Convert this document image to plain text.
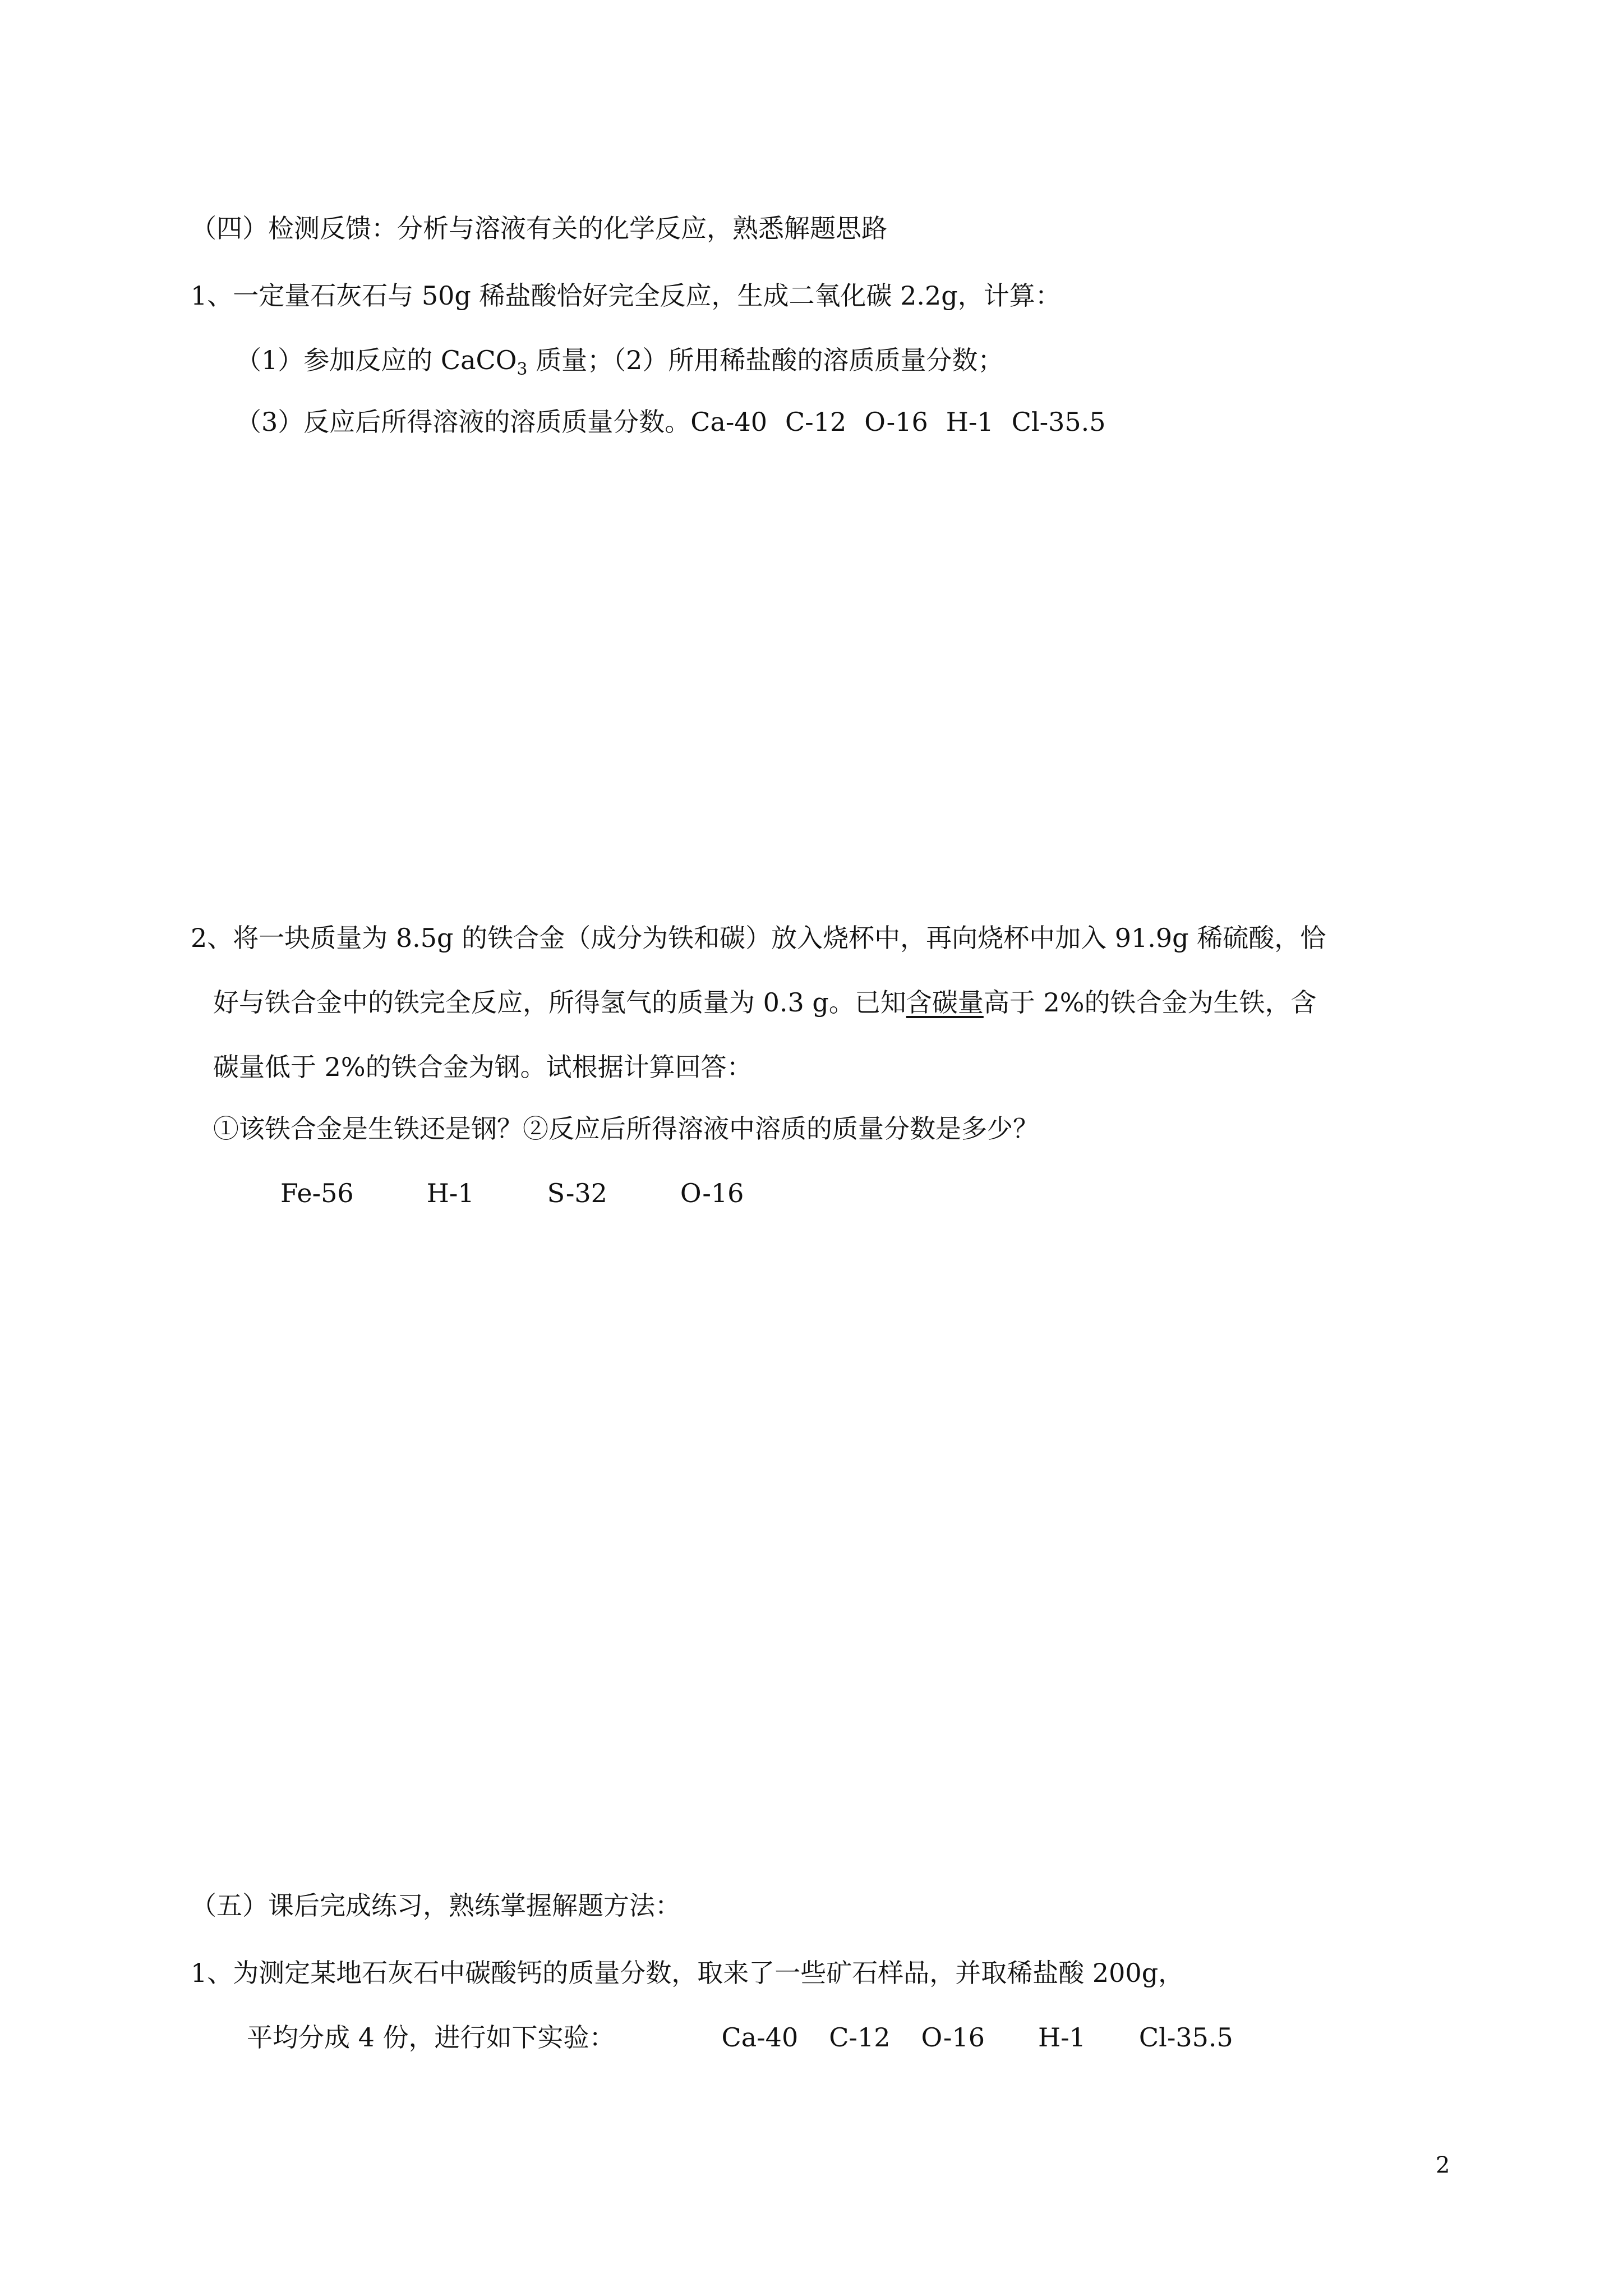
（四）检测反馈：分析与溶液有关的化学反应，熟悉解题思路
1、一定量石灰石与 50g 稀盐酸恰好完全反应，生成二氧化碳 2.2g，计算：
（1）参加反应的 CaCO$_3$ 质量；（2）所用稀盐酸的溶质质量分数；
（3）反应后所得溶液的溶质质量分数。Ca-40 C-12 O-16 H-1 Cl-35.5
2、将一块质量为 8.5g 的铁合金（成分为铁和碳）放入烧杯中，再向烧杯中加入 91.9g 稀硫酸，恰
好与铁合金中的铁完全反应，所得氢气的质量为 0.3 g。已知含碳量高于 2%的铁合金为生铁，含
碳量低于 2%的铁合金为钢。试根据计算回答：
①该铁合金是生铁还是钢？②反应后所得溶液中溶质的质量分数是多少？
Fe-56	H-1	S-32	O-16
（五）课后完成练习，熟练掌握解题方法：
1、为测定某地石灰石中碳酸钙的质量分数，取来了一些矿石样品，并取稀盐酸 200g，
平均分成 4 份，进行如下实验：	Ca-40 C-12 O-16 H-1 Cl-35.5
2
